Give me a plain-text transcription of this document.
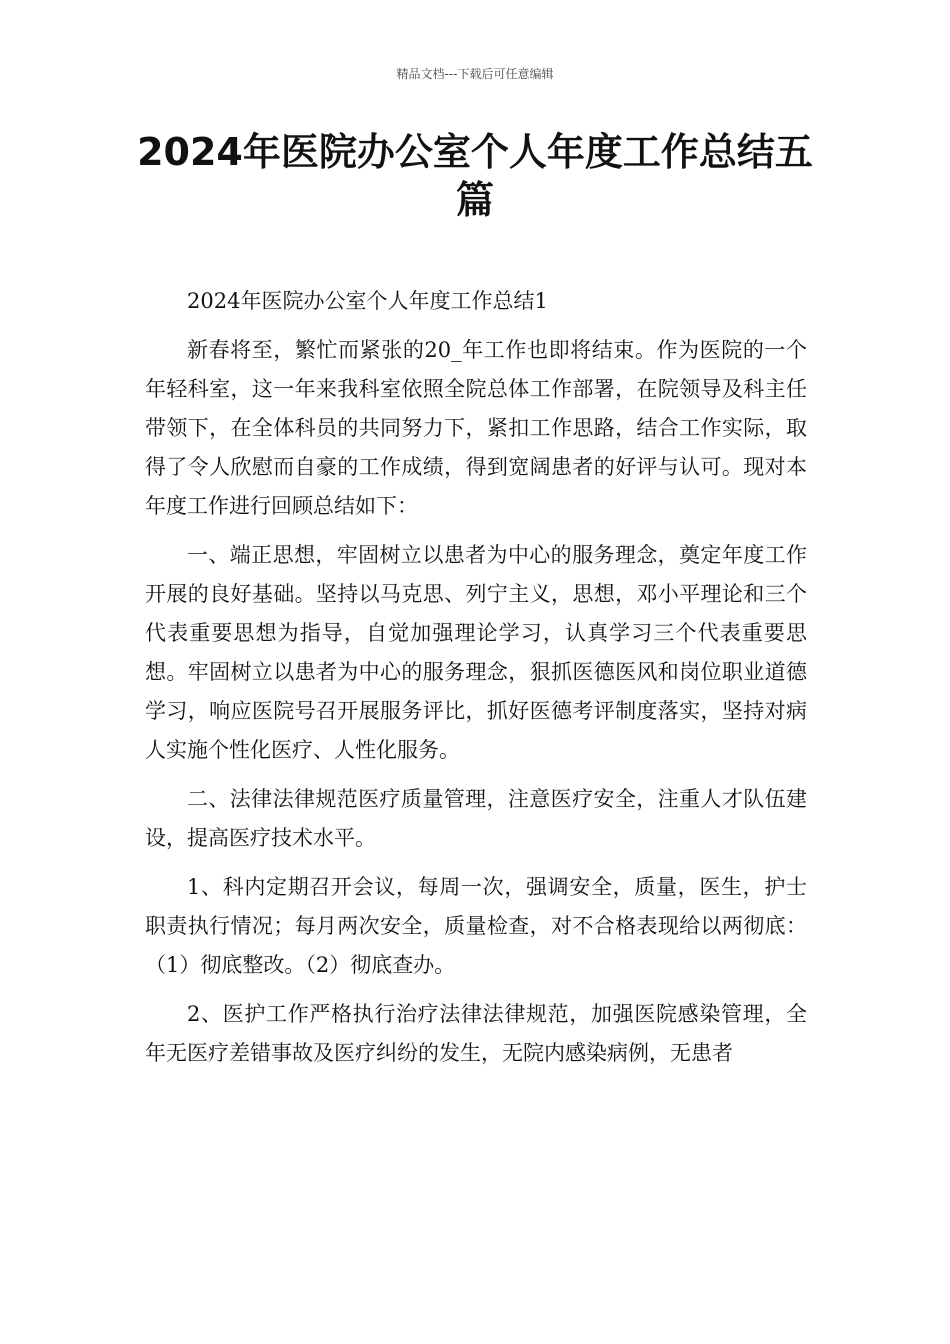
精品文档---下载后可任意编辑
2024年医院办公室个人年度工作总结五篇

2024年医院办公室个人年度工作总结1

新春将至，繁忙而紧张的20_年工作也即将结束。作为医院的一个年轻科室，这一年来我科室依照全院总体工作部署，在院领导及科主任带领下，在全体科员的共同努力下，紧扣工作思路，结合工作实际，取得了令人欣慰而自豪的工作成绩，得到宽阔患者的好评与认可。现对本年度工作进行回顾总结如下：

一、端正思想，牢固树立以患者为中心的服务理念，奠定年度工作开展的良好基础。坚持以马克思、列宁主义，思想，邓小平理论和三个代表重要思想为指导，自觉加强理论学习，认真学习三个代表重要思想。牢固树立以患者为中心的服务理念，狠抓医德医风和岗位职业道德学习，响应医院号召开展服务评比，抓好医德考评制度落实，坚持对病人实施个性化医疗、人性化服务。

二、法律法律规范医疗质量管理，注意医疗安全，注重人才队伍建设，提高医疗技术水平。

1、科内定期召开会议，每周一次，强调安全，质量，医生，护士职责执行情况；每月两次安全，质量检查，对不合格表现给以两彻底：（1）彻底整改。（2）彻底查办。

2、医护工作严格执行治疗法律法律规范，加强医院感染管理，全年无医疗差错事故及医疗纠纷的发生，无院内感染病例，无患者
